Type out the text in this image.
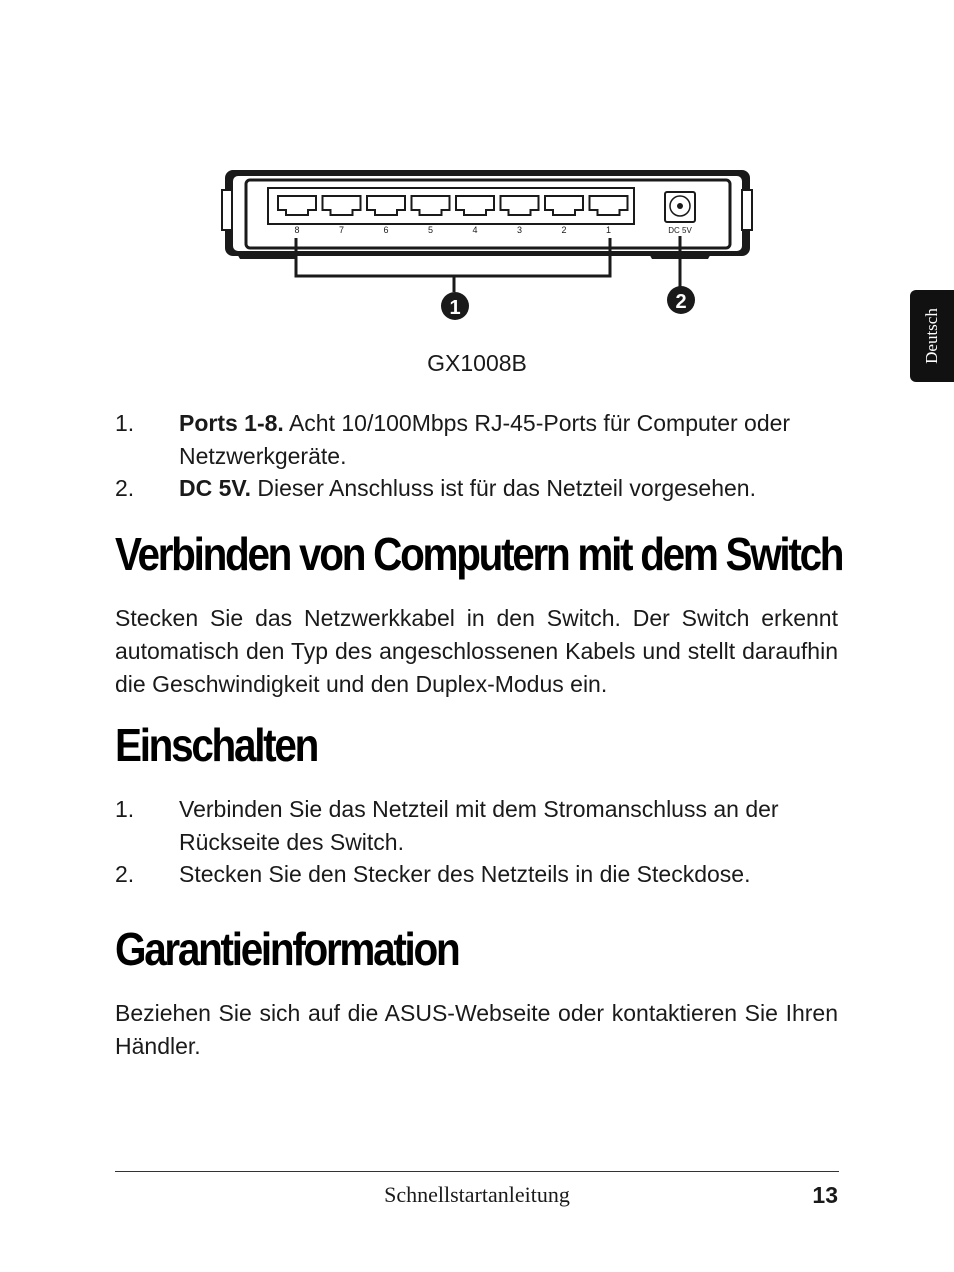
8	7	6	5	4	3	2	1	DC 5V
1	2
GX1008B	Deutsch
1.	Ports 1-8. Acht 10/100Mbps RJ-45-Ports für Computer oder Netzwerkgeräte.
2.	DC 5V. Dieser Anschluss ist für das Netzteil vorgesehen.
Verbinden von Computern mit dem Switch

Stecken Sie das Netzwerkkabel in den Switch. Der Switch erkennt automatisch den Typ des angeschlossenen Kabels und stellt daraufhin die Geschwindigkeit und den Duplex-Modus ein.

Einschalten
1.	Verbinden Sie das Netzteil mit dem Stromanschluss an der Rückseite des Switch.
2.	Stecken Sie den Stecker des Netzteils in die Steckdose.
Garantieinformation

Beziehen Sie sich auf die ASUS-Webseite oder kontaktieren Sie Ihren Händler.

Schnellstartanleitung	13
